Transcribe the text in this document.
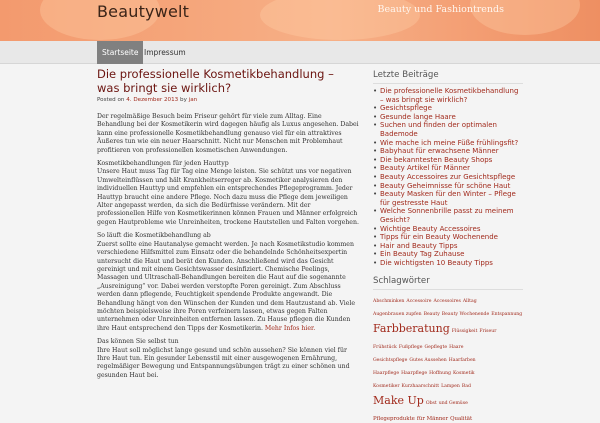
Beautywelt	Beauty und Fashiontrends
Startseite Impressum
Die professionelle Kosmetikbehandlung – was bringt sie wirklich?
Posted on 4. Dezember 2013 by jan

Der regelmäßige Besuch beim Friseur gehört für viele zum Alltag. Eine Behandlung bei der Kosmetikerin wird dagegen häufig als Luxus angesehen. Dabei kann eine professionelle Kosmetikbehandlung genauso viel für ein attraktives Äußeres tun wie ein neuer Haarschnitt. Nicht nur Menschen mit Problemhaut profitieren von professionellen kosmetischen Anwendungen.

Kosmetikbehandlungen für jeden Hauttyp
Unsere Haut muss Tag für Tag eine Menge leisten. Sie schützt uns vor negativen Umwelteinflüssen und hält Krankheitserreger ab. Kosmetiker analysieren den individuellen Hauttyp und empfehlen ein entsprechendes Pflegeprogramm. Jeder Hauttyp braucht eine andere Pflege. Noch dazu muss die Pflege dem jeweiligen Alter angepasst werden, da sich die Bedürfnisse verändern. Mit der professionellen Hilfe von Kosmetikerinnen können Frauen und Männer erfolgreich gegen Hautprobleme wie Unreinheiten, trockene Hautstellen und Falten vorgehen.

So läuft die Kosmetikbehandlung ab
Zuerst sollte eine Hautanalyse gemacht werden. Je nach Kosmetikstudio kommen verschiedene Hilfsmittel zum Einsatz oder die behandelnde Schönheitsexpertin untersucht die Haut und berät den Kunden. Anschließend wird das Gesicht gereinigt und mit einem Gesichtswasser desinfiziert. Chemische Peelings, Massagen und Ultraschall-Behandlungen bereiten die Haut auf die sogenannte „Ausreinigung“ vor. Dabei werden verstopfte Poren gereinigt. Zum Abschluss werden dann pflegende, Feuchtigkeit spendende Produkte angewandt. Die Behandlung hängt von den Wünschen der Kunden und dem Hautzustand ab. Viele möchten beispielsweise ihre Poren verfeinern lassen, etwas gegen Falten unternehmen oder Unreinheiten entfernen lassen. Zu Hause pflegen die Kunden ihre Haut entsprechend den Tipps der Kosmetikerin. Mehr Infos hier.

Das können Sie selbst tun
Ihre Haut soll möglichst lange gesund und schön aussehen? Sie können viel für Ihre Haut tun. Ein gesunder Lebensstil mit einer ausgewogenen Ernährung, regelmäßiger Bewegung und Entspannungsübungen trägt zu einer schönen und gesunden Haut bei.

Letzte Beiträge
• Die professionelle Kosmetikbehandlung – was bringt sie wirklich?
• Gesichtspflege
• Gesunde lange Haare
• Suchen und finden der optimalen Bademode
• Wie mache ich meine Füße frühlingsfit?
• Babyhaut für erwachsene Männer
• Die bekanntesten Beauty Shops
• Beauty Artikel für Männer
• Beauty Accessoires zur Gesichtspflege
• Beauty Geheimnisse für schöne Haut
• Beauty Masken für den Winter – Pflege für gestresste Haut
• Welche Sonnenbrille passt zu meinem Gesicht?
• Wichtige Beauty Accessoires
• Tipps für ein Beauty Wochenende
• Hair and Beauty Tipps
• Ein Beauty Tag Zuhause
• Die wichtigsten 10 Beauty Tipps
Schlagwörter
Abschminken Accessoire Accessoires Alltag
Augenbrauen zupfen Beauty Beauty Wochenende Entspannung
Farbberatung Flüssigkeit Friseur
Frühstück Fußpflege Gepflegte Haare
Gesichtspflege Gutes Aussehen Haarfarben
Haarpflege Haarpflege Hoffnung Kosmetik
Kosmetiker Kurzhaarschnitt Lampen Bad
Make Up Obst und Gemüse
Pflegeprodukte für Männer Qualität
